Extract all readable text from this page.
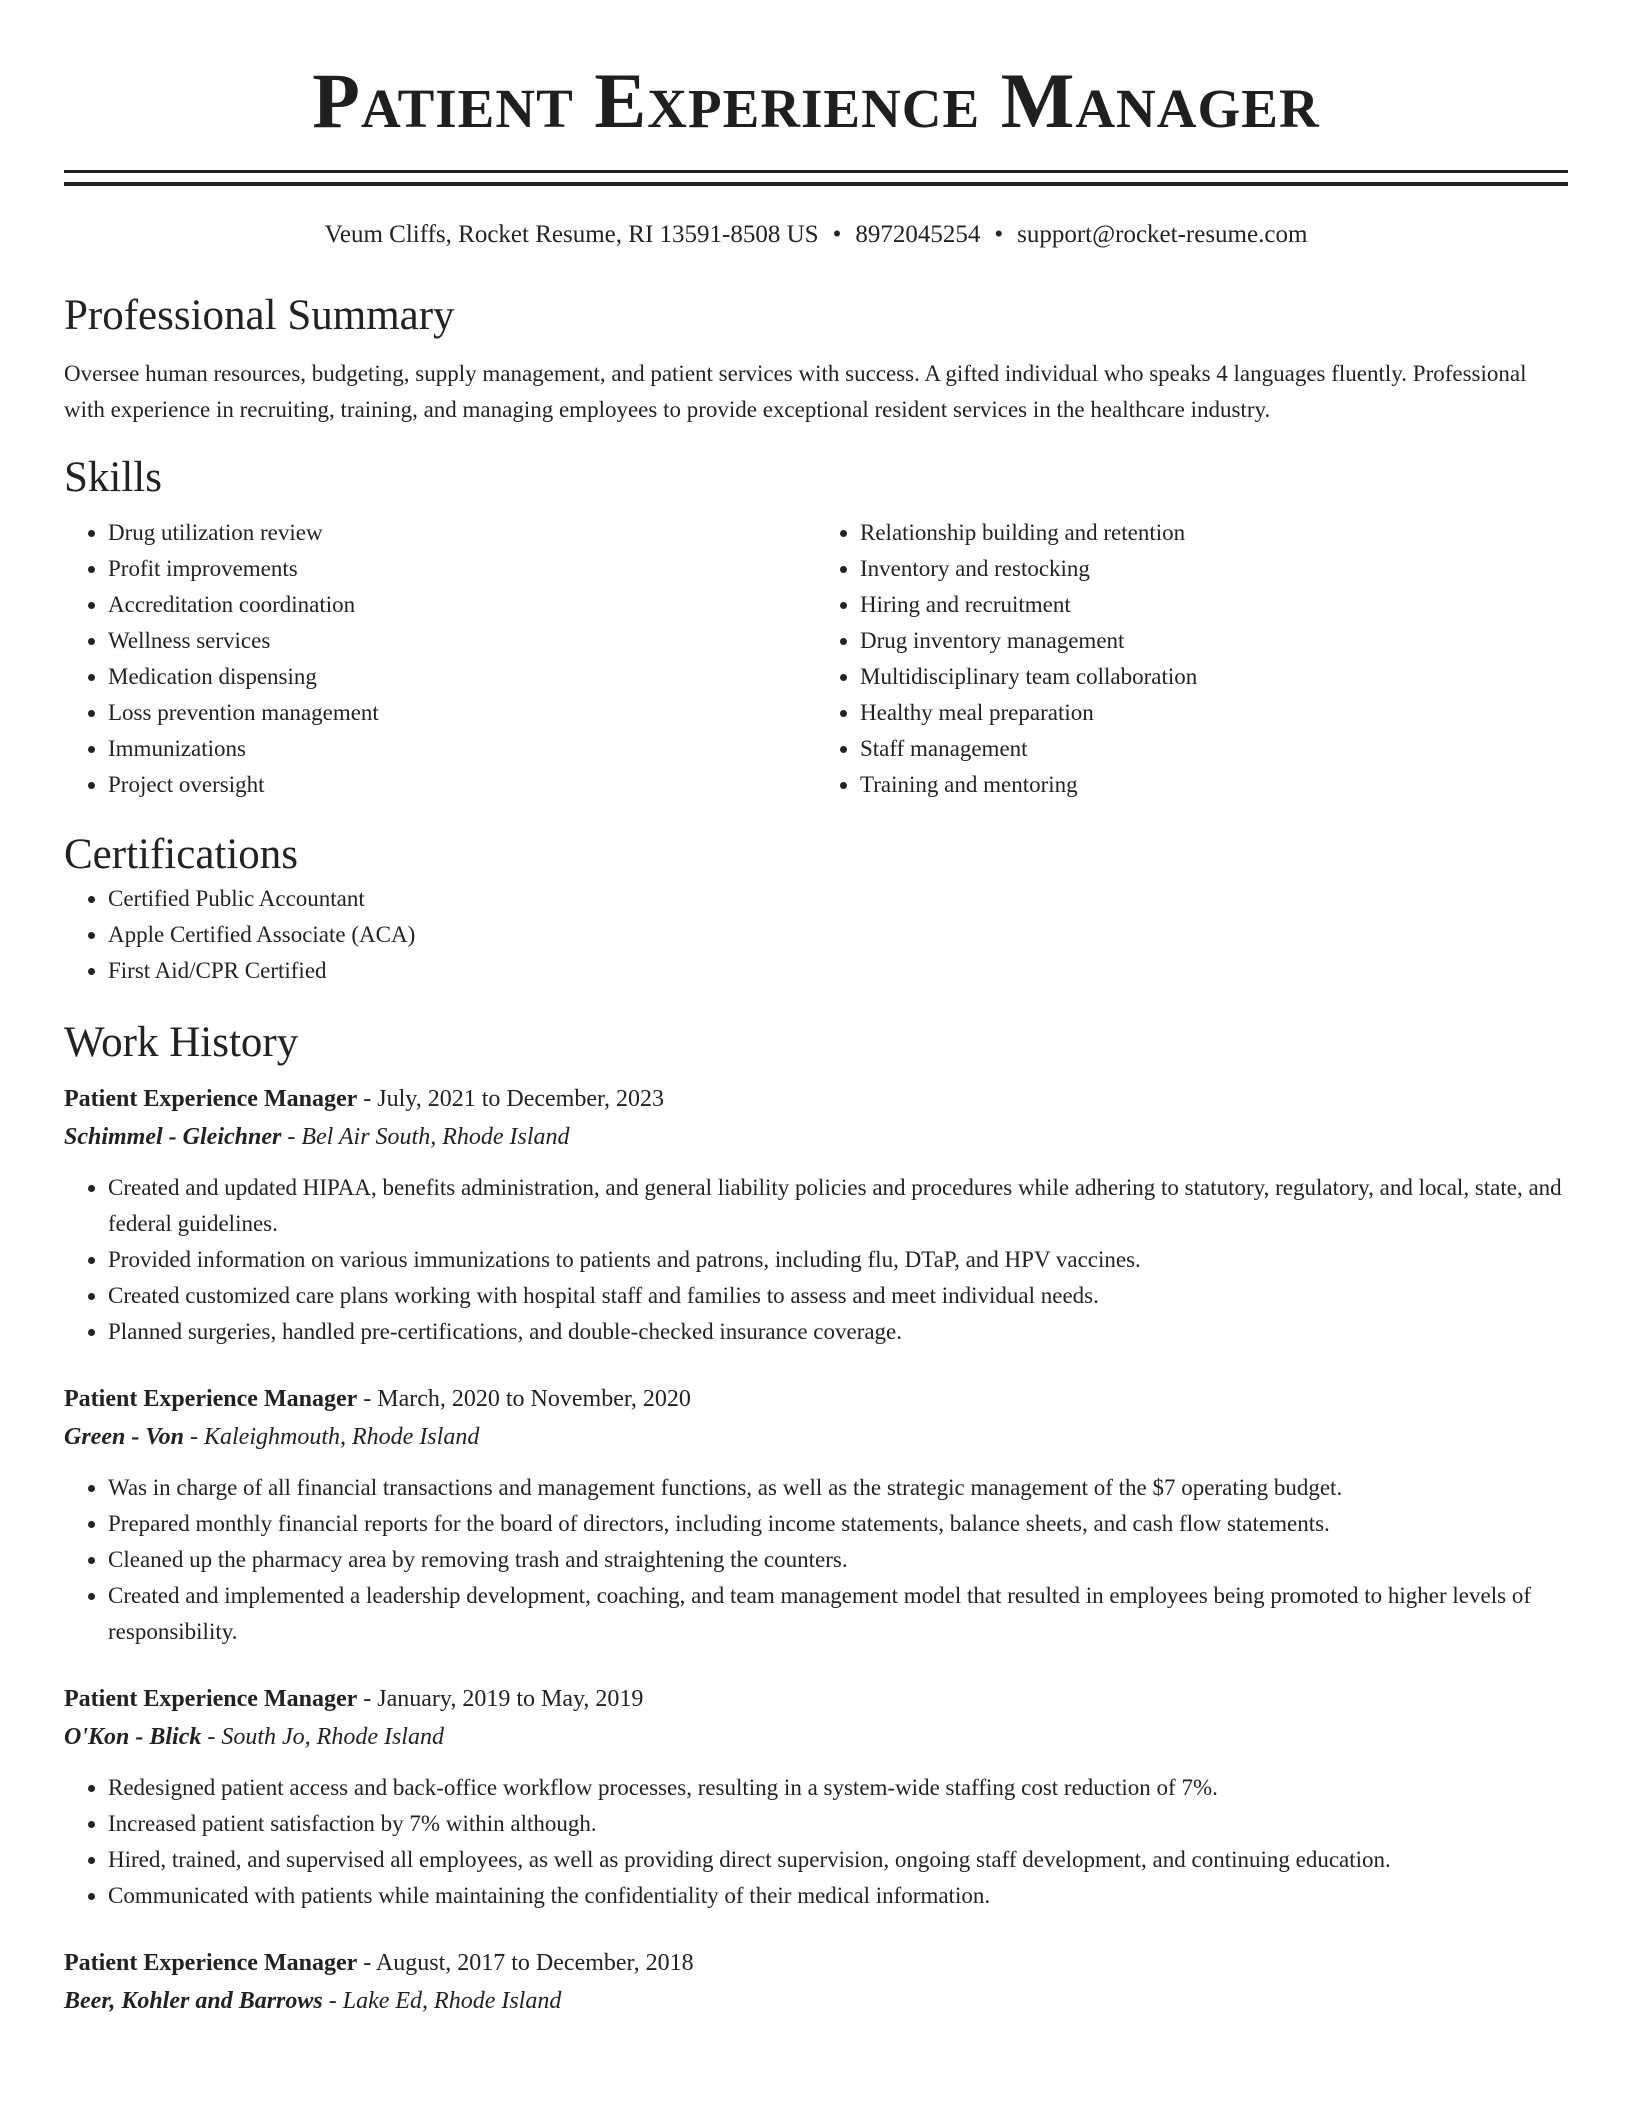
Patient Experience Manager
Veum Cliffs, Rocket Resume, RI 13591-8508 US • 8972045254 • support@rocket-resume.com
Professional Summary

Oversee human resources, budgeting, supply management, and patient services with success. A gifted individual who speaks 4 languages fluently. Professional with experience in recruiting, training, and managing employees to provide exceptional resident services in the healthcare industry.

Skills
• Drug utilization review
• Profit improvements
• Accreditation coordination
• Wellness services
• Medication dispensing
• Loss prevention management
• Immunizations
• Project oversight
• Relationship building and retention
• Inventory and restocking
• Hiring and recruitment
• Drug inventory management
• Multidisciplinary team collaboration
• Healthy meal preparation
• Staff management
• Training and mentoring
Certifications
• Certified Public Accountant
• Apple Certified Associate (ACA)
• First Aid/CPR Certified
Work History
Patient Experience Manager - July, 2021 to December, 2023
Schimmel - Gleichner - Bel Air South, Rhode Island
• Created and updated HIPAA, benefits administration, and general liability policies and procedures while adhering to statutory, regulatory, and local, state, and federal guidelines.
• Provided information on various immunizations to patients and patrons, including flu, DTaP, and HPV vaccines.
• Created customized care plans working with hospital staff and families to assess and meet individual needs.
• Planned surgeries, handled pre-certifications, and double-checked insurance coverage.
Patient Experience Manager - March, 2020 to November, 2020
Green - Von - Kaleighmouth, Rhode Island
• Was in charge of all financial transactions and management functions, as well as the strategic management of the $7 operating budget.
• Prepared monthly financial reports for the board of directors, including income statements, balance sheets, and cash flow statements.
• Cleaned up the pharmacy area by removing trash and straightening the counters.
• Created and implemented a leadership development, coaching, and team management model that resulted in employees being promoted to higher levels of responsibility.
Patient Experience Manager - January, 2019 to May, 2019
O'Kon - Blick - South Jo, Rhode Island
• Redesigned patient access and back-office workflow processes, resulting in a system-wide staffing cost reduction of 7%.
• Increased patient satisfaction by 7% within although.
• Hired, trained, and supervised all employees, as well as providing direct supervision, ongoing staff development, and continuing education.
• Communicated with patients while maintaining the confidentiality of their medical information.
Patient Experience Manager - August, 2017 to December, 2018
Beer, Kohler and Barrows - Lake Ed, Rhode Island
